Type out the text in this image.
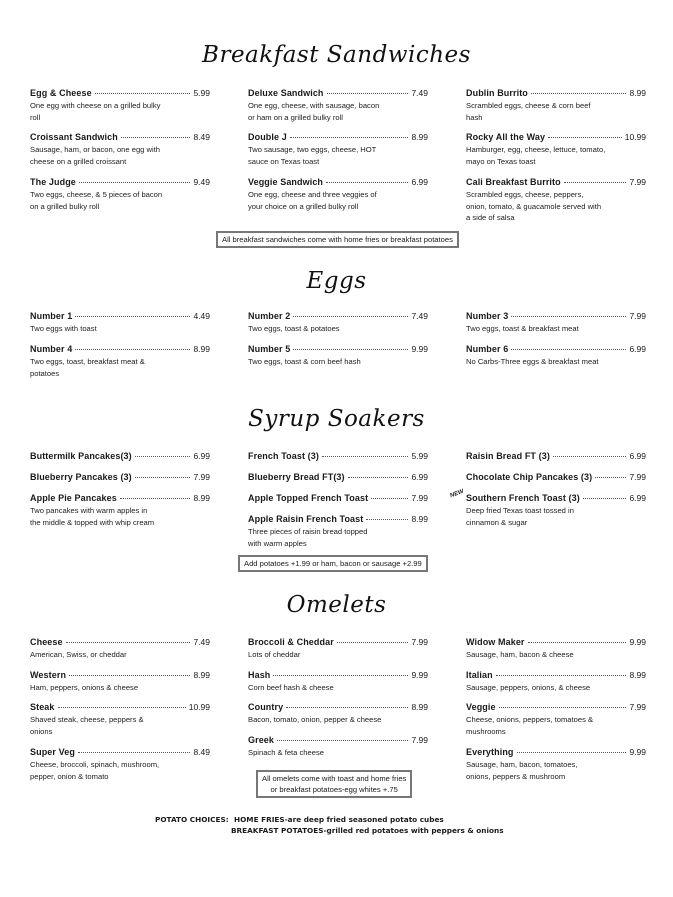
Breakfast Sandwiches
Egg & Cheese	5.99
One egg with cheese on a grilled bulky
roll
Croissant Sandwich	8.49
Sausage, ham, or bacon, one egg with
cheese on a grilled croissant
The Judge	9.49
Two eggs, cheese, & 5 pieces of bacon
on a grilled bulky roll
Deluxe Sandwich	7.49
One egg, cheese, with sausage, bacon
or ham on a grilled bulky roll
Double J	8.99
Two sausage, two eggs, cheese, HOT
sauce on Texas toast
Veggie Sandwich	6.99
One egg, cheese and three veggies of
your choice on a grilled bulky roll
Dublin Burrito	8.99
Scrambled eggs, cheese & corn beef
hash
Rocky All the Way	10.99
Hamburger, egg, cheese, lettuce, tomato,
mayo on Texas toast
Cali Breakfast Burrito	7.99
Scrambled eggs, cheese, peppers,
onion, tomato, & guacamole served with
a side of salsa
All breakfast sandwiches come with home fries or breakfast potatoes
Eggs
Number 1	4.49
Two eggs with toast
Number 4	8.99
Two eggs, toast, breakfast meat &
potatoes
Number 2	7.49
Two eggs, toast & potatoes
Number 5	9.99
Two eggs, toast & corn beef hash
Number 3	7.99
Two eggs, toast & breakfast meat
Number 6	6.99
No Carbs-Three eggs & breakfast meat
Syrup Soakers
Buttermilk Pancakes(3)	6.99
Blueberry Pancakes (3)	7.99
Apple Pie Pancakes	8.99
Two pancakes with warm apples in
the middle & topped with whip cream
French Toast (3)	5.99
Blueberry Bread FT(3)	6.99
Apple Topped French Toast	7.99
Apple Raisin French Toast	8.99
Three pieces of raisin bread topped
with warm apples
Raisin Bread FT (3)	6.99
Chocolate Chip Pancakes (3)	7.99
Southern French Toast (3)	6.99
Deep fried Texas toast tossed in
cinnamon & sugar
NEW
Add potatoes +1.99 or ham, bacon or sausage +2.99
Omelets
Cheese	7.49
American, Swiss, or cheddar
Western	8.99
Ham, peppers, onions & cheese
Steak	10.99
Shaved steak, cheese, peppers &
onions
Super Veg	8.49
Cheese, broccoli, spinach, mushroom,
pepper, onion & tomato
Broccoli & Cheddar	7.99
Lots of cheddar
Hash	9.99
Corn beef hash & cheese
Country	8.99
Bacon, tomato, onion, pepper & cheese
Greek	7.99
Spinach & feta cheese
Widow Maker	9.99
Sausage, ham, bacon & cheese
Italian	8.99
Sausage, peppers, onions, & cheese
Veggie	7.99
Cheese, onions, peppers, tomatoes &
mushrooms
Everything	9.99
Sausage, ham, bacon, tomatoes,
onions, peppers & mushroom
All omelets come with toast and home fries
or breakfast potatoes-egg whites +.75
POTATO CHOICES: HOME FRIES-are deep fried seasoned potato cubes
BREAKFAST POTATOES-grilled red potatoes with peppers & onions
